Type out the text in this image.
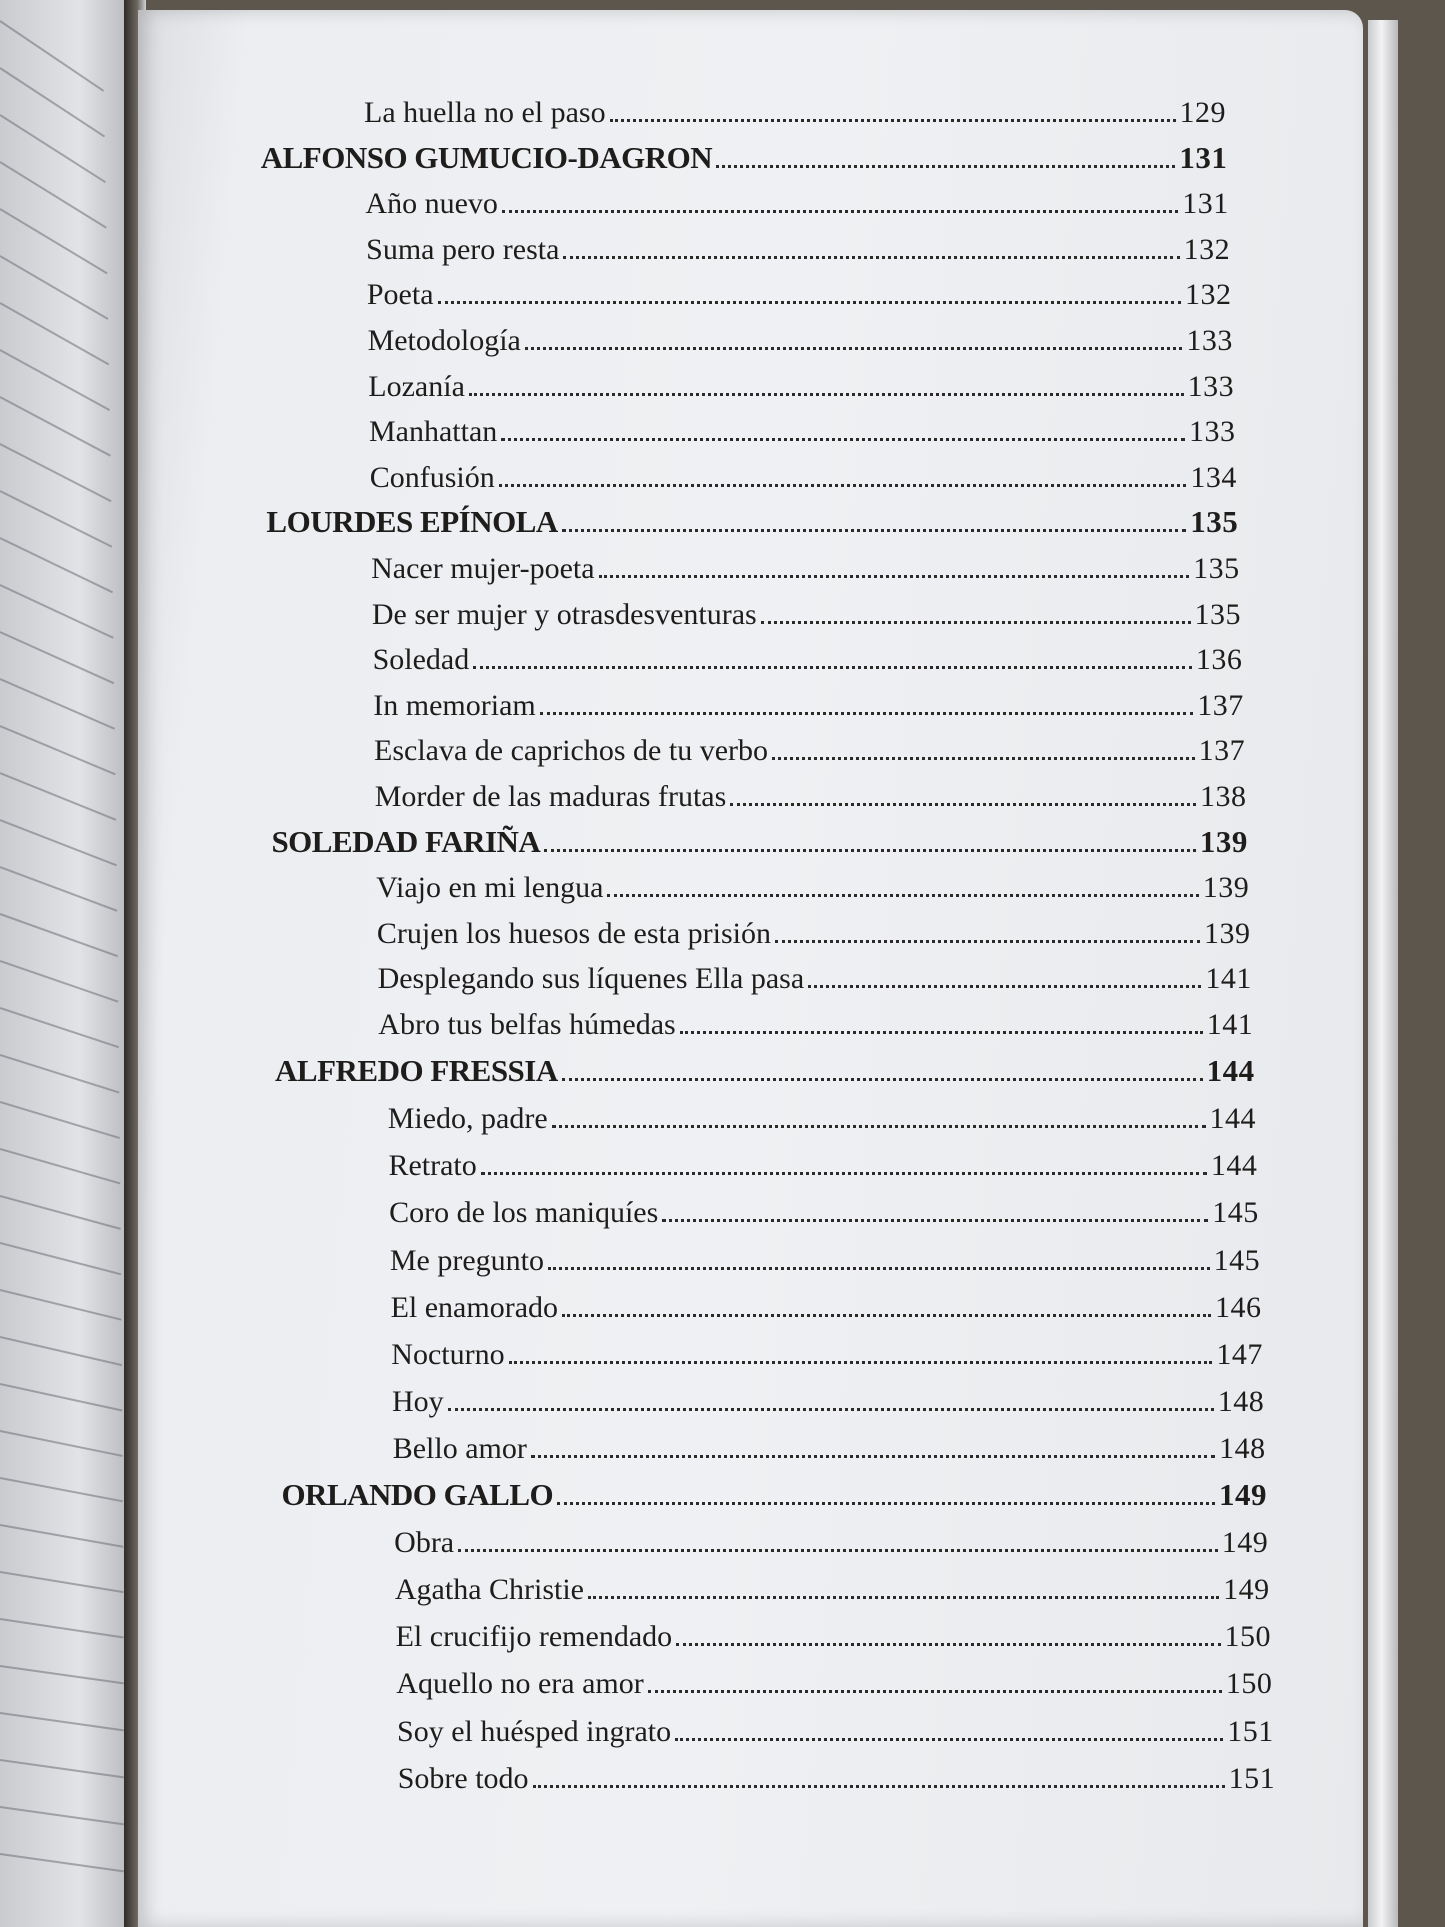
La huella no el paso	129
ALFONSO GUMUCIO-DAGRON	131
Año nuevo	131
Suma pero resta	132
Poeta	132
Metodología	133
Lozanía	133
Manhattan	133
Confusión	134
LOURDES EPÍNOLA	135
Nacer mujer-poeta	135
De ser mujer y otrasdesventuras	135
Soledad	136
In memoriam	137
Esclava de caprichos de tu verbo	137
Morder de las maduras frutas	138
SOLEDAD FARIÑA	139
Viajo en mi lengua	139
Crujen los huesos de esta prisión	139
Desplegando sus líquenes Ella pasa	141
Abro tus belfas húmedas	141
ALFREDO FRESSIA	144
Miedo, padre	144
Retrato	144
Coro de los maniquíes	145
Me pregunto	145
El enamorado	146
Nocturno	147
Hoy	148
Bello amor	148
ORLANDO GALLO	149
Obra	149
Agatha Christie	149
El crucifijo remendado	150
Aquello no era amor	150
Soy el huésped ingrato	151
Sobre todo	151
